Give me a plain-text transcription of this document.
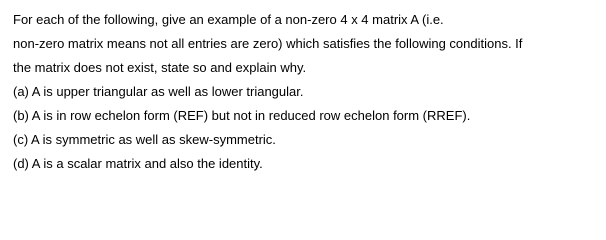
For each of the following, give an example of a non-zero 4 x 4 matrix A (i.e.
non-zero matrix means not all entries are zero) which satisfies the following conditions. If
the matrix does not exist, state so and explain why.
(a) A is upper triangular as well as lower triangular.
(b) A is in row echelon form (REF) but not in reduced row echelon form (RREF).
(c) A is symmetric as well as skew-symmetric.
(d) A is a scalar matrix and also the identity.
